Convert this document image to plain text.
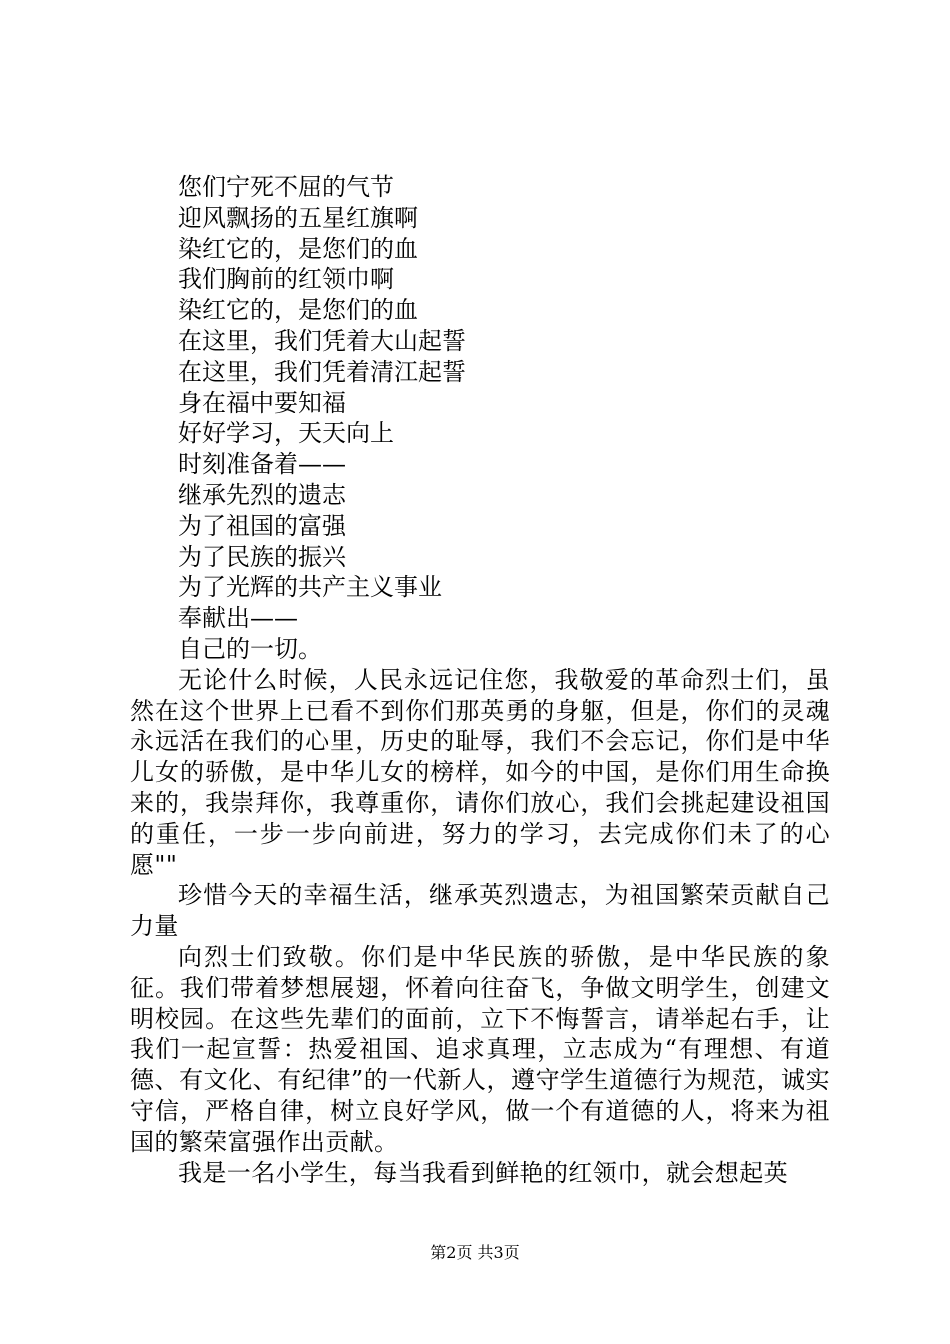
您们宁死不屈的气节
迎风飘扬的五星红旗啊
染红它的，是您们的血
我们胸前的红领巾啊
染红它的，是您们的血
在这里，我们凭着大山起誓
在这里，我们凭着清江起誓
身在福中要知福
好好学习，天天向上
时刻准备着——
继承先烈的遗志
为了祖国的富强
为了民族的振兴
为了光辉的共产主义事业
奉献出——
自己的一切。

无论什么时候，人民永远记住您，我敬爱的革命烈士们，虽然在这个世界上已看不到你们那英勇的身躯，但是，你们的灵魂永远活在我们的心里，历史的耻辱，我们不会忘记，你们是中华儿女的骄傲，是中华儿女的榜样，如今的中国，是你们用生命换来的，我崇拜你，我尊重你，请你们放心，我们会挑起建设祖国的重任，一步一步向前进，努力的学习，去完成你们未了的心愿""

珍惜今天的幸福生活，继承英烈遗志，为祖国繁荣贡献自己力量

向烈士们致敬。你们是中华民族的骄傲，是中华民族的象征。我们带着梦想展翅，怀着向往奋飞，争做文明学生，创建文明校园。在这些先辈们的面前，立下不悔誓言，请举起右手，让我们一起宣誓：热爱祖国、追求真理，立志成为“有理想、有道德、有文化、有纪律”的一代新人，遵守学生道德行为规范，诚实守信，严格自律，树立良好学风，做一个有道德的人，将来为祖国的繁荣富强作出贡献。

我是一名小学生，每当我看到鲜艳的红领巾，就会想起英

第2页 共3页
